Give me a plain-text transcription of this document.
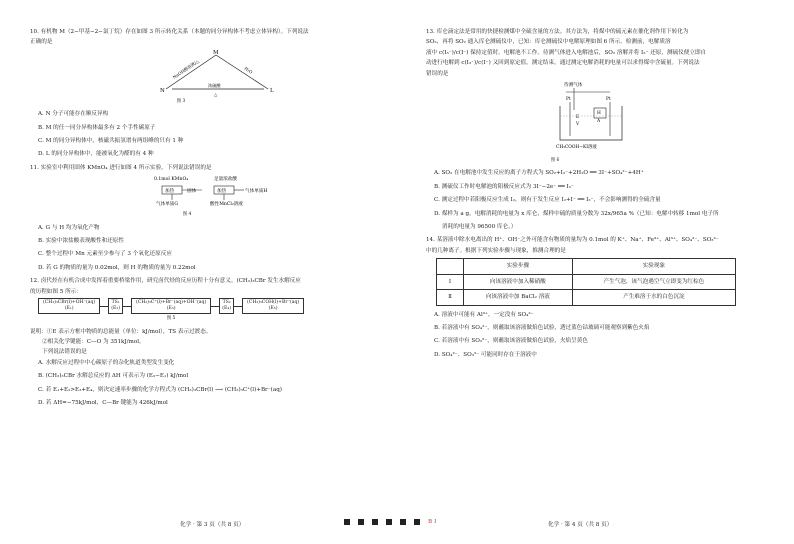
10. 有机物 M（2−甲基−2−氯丁烷）存在如图 3 所示转化关系（本题的同分异构体不考虑立体异构）。下列说法

正确的是

M
N	L
NaOH醇溶液/△	H₂O
浓硫酸
△
图 3
A. N 分子可能存在顺反异构
B. M 的任一同分异构体最多有 2 个手性碳原子
C. M 的同分异构体中，核磁共振氢谱有两组峰的只有 1 种
D. L 的同分异构体中，能被氧化为醛的有 4 种

11. 实验室中利用固体 KMnO₄ 进行如图 4 所示实验，下列说法错误的是

0.1mol KMnO₄	足量浓盐酸
加热	固体	加热	气体单质H
气体单质G	酸性MnCl₂溶液
图 4
A. G 与 H 均为氧化产物
B. 实验中浓盐酸表现酸性和还原性
C. 整个过程中 Mn 元素至少参与了 3 个氧化还原反应
D. 若 G 的物质的量为 0.02mol，则 H 的物质的量为 0.22mol

12. 卤代烃在有机合成中发挥着重要桥梁作用，研究卤代烃的反应历程十分有意义。(CH₃)₃CBr 发生水解反应

的历程如图 5 所示：

(CH₃)₃CBr(l)+OH⁻(aq)
(E₁)TS₁
(E₂)(CH₃)₃C⁺(l)+Br⁻(aq)+OH⁻(aq)
(E₃)TS₂
(E₄)(CH₃)₃COH(l)+Br⁻(aq)
(E₅)
图 5

说明：①E 表示方框中物质的总能量（单位：kJ/mol），TS 表示过渡态。

②相关化学键能：C—O 为 351kJ/mol。

下列说法错误的是

A. 水解反应过程中中心碳原子的杂化轨道类型发生变化
B. (CH₃)₃CBr 水解总反应的 ΔH 可表示为 (E₅−E₁) kJ/mol
C. 若 E₁+E₂>E₃+E₄，则决定速率步骤的化学方程式为 (CH₃)₃CBr(l) ⟶ (CH₃)₃C⁺(l)+Br⁻(aq)
D. 若 ΔH=−75kJ/mol，C—Br 键能为 426kJ/mol

13. 库仑滴定法是常用的快捷检测煤中全硫含量的方法。其方法为，将煤中的硫元素在催化剂作用下转化为

SO₂，再将 SO₂ 通入库仑测硫仪中，已知：库仑测硫仪中电解原理如图 6 所示。检测前，电解质溶

液中 c(I₃⁻)/c(I⁻) 保持定值时，电解池不工作。待测气体进入电解池后，SO₂ 溶解并将 I₃⁻ 还原，测硫仪便立即自

动进行电解到 c(I₃⁻)/c(I⁻) 又回到原定值，测定结束，通过测定电解消耗的电量可以求得煤中含硫量。下列说法

错误的是

待测气体
Pt	Pt
H
A
E
V
CH₃COOH−KI溶液
图 6
A. SO₂ 在电解池中发生反应的离子方程式为 SO₂+I₃⁻+2H₂O ══ 3I⁻+SO₄²⁻+4H⁺
B. 测硫仪工作时电解池的阳极反应式为 3I⁻−2e⁻ ══ I₃⁻
C. 测定过程中若阳极反应生成 I₂，则有于发生反应 I₂+I⁻ ══ I₃⁻，不会影响测得的全硫含量
D. 煤样为 a g，电解消耗的电量为 x 库仑，煤样中硫的质量分数为 32x/965a %（已知：电解中转移 1mol 电子所
消耗的电量为 96500 库仑。）

14. 某溶液中除水电离出的 H⁺、OH⁻之外可能含有物质的量均为 0.1mol 的 K⁺、Na⁺、Fe³⁺、Al³⁺、SO₄²⁻、SO₃²⁻

中的几种离子。根据下列实验步骤与现象，推测合理的是

	实验步骤	实验现象
Ⅰ	向该溶液中加入稀硝酸	产生气泡，该气泡遇空气立即变为红棕色
Ⅱ	向该溶液中加 BaCl₂ 溶液	产生难溶于水的白色沉淀
A. 溶液中可能有 Al³⁺，一定没有 SO₄²⁻
B. 若溶液中有 SO₄²⁻，则蘸取该溶液做焰色试验，透过蓝色钴玻璃可能观察到紫色火焰
C. 若溶液中有 SO₃²⁻，则蘸取该溶液做焰色试验，火焰呈黄色
D. SO₄²⁻、SO₃²⁻ 可能同时存在于溶液中
化学 · 第 3 页（共 8 页）	BI	化学 · 第 4 页（共 8 页）
